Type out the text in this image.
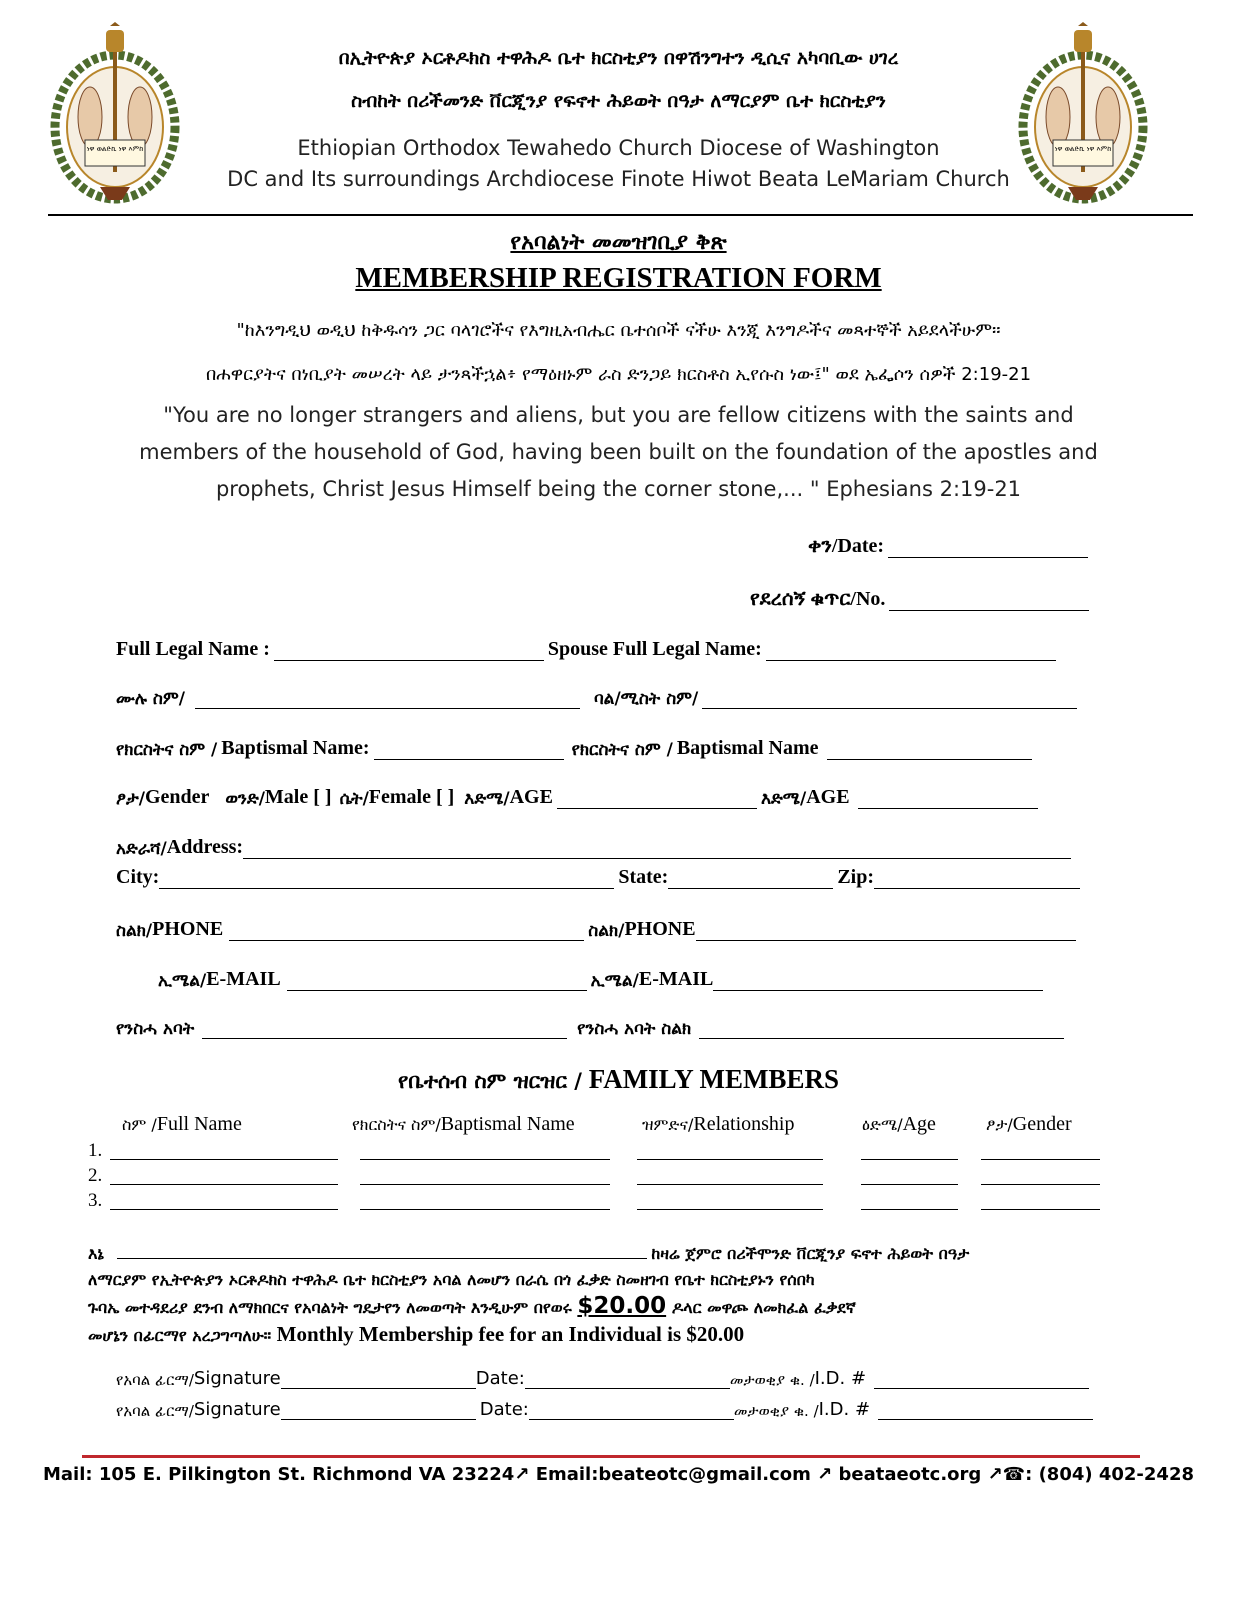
ነዋ ወልድኪ ነዋ እምከ	ነዋ ወልድኪ ነዋ እምከ
በኢትዮጵያ ኦርቶዶክስ ተዋሕዶ ቤተ ክርስቲያን በዋሽንግተን ዲሲና አካባቢው ሀገረ
ስብከት በሪችመንድ ቨርጂንያ የፍኖተ ሕይወት በዓታ ለማርያም ቤተ ክርስቲያን
Ethiopian Orthodox Tewahedo Church Diocese of Washington
DC and Its surroundings Archdiocese Finote Hiwot Beata LeMariam Church
የአባልነት መመዝገቢያ ቅጽ
MEMBERSHIP REGISTRATION FORM
"ከእንግዲህ ወዲህ ከቅዱሳን ጋር ባላገሮችና የእግዚአብሔር ቤተሰቦች ናችሁ እንጂ እንግዶችና መጻተኞች አይደላችሁም፡፡
በሐዋርያትና በነቢያት መሠረት ላይ ታንጻችኋል፥ የማዕዘኑም ራስ ድንጋይ ክርስቶስ ኢየሱስ ነው፤" ወደ ኤፌሶን ሰዎች 2:19-21
"You are no longer strangers and aliens, but you are fellow citizens with the saints and
members of the household of God, having been built on the foundation of the apostles and
prophets, Christ Jesus Himself being the corner stone,... " Ephesians 2:19-21
ቀን/Date:
የደረሰኝ ቁጥር/No.
Full Legal Name :	Spouse Full Legal Name:
ሙሉ ስም/	ባል/ሚስት ስም/
የክርስትና ስም / Baptismal Name:	የክርስትና ስም / Baptismal Name
ፆታ/ Gender ወንድ/ Male [ ] ሴት/ Female [ ] እድሜ/ AGE	እድሜ/ AGE
አድራሻ/ Address:
City:	State:	Zip:
ስልክ/ PHONE	ስልክ/ PHONE
ኢሜል/ E-MAIL	ኢሜል/ E-MAIL
የንስሓ አባት	የንስሓ አባት ስልክ
የቤተሰብ ስም ዝርዝር / FAMILY MEMBERS
ስም /Full Name	የክርስትና ስም/Baptismal Name	ዝምድና/Relationship	ዕድሜ/Age	ፆታ/Gender
1.
2.
3.
እኔ	ከዛሬ ጀምሮ በሪችሞንድ ቨርጂንያ ፍኖተ ሕይወት በዓታ
ለማርያም የኢትዮጵያን ኦርቶዶክስ ተዋሕዶ ቤተ ክርስቲያን አባል ለመሆን በራሴ በጎ ፈቃድ ስመዘገብ የቤተ ክርስቲያኑን የሰበካ
ጉባኤ መተዳደሪያ ደንብ ለማክበርና የአባልነት ግዴታየን ለመወጣት እንዲሁም በየወሩ $20.00 ዶላር መዋጮ ለመክፈል ፈቃደኛ
መሆኔን በፊርማየ አረጋግጣለሁ። Monthly Membership fee for an Individual is $20.00
የአባል ፊርማ/ Signature	Date:	መታወቂያ ቁ. / I.D. #
የአባል ፊርማ/ Signature	Date:	መታወቂያ ቁ. / I.D. #
Mail: 105 E. Pilkington St. Richmond VA 23224↗ Email:beateotc@gmail.com ↗ beataeotc.org ↗☎: (804) 402-2428
